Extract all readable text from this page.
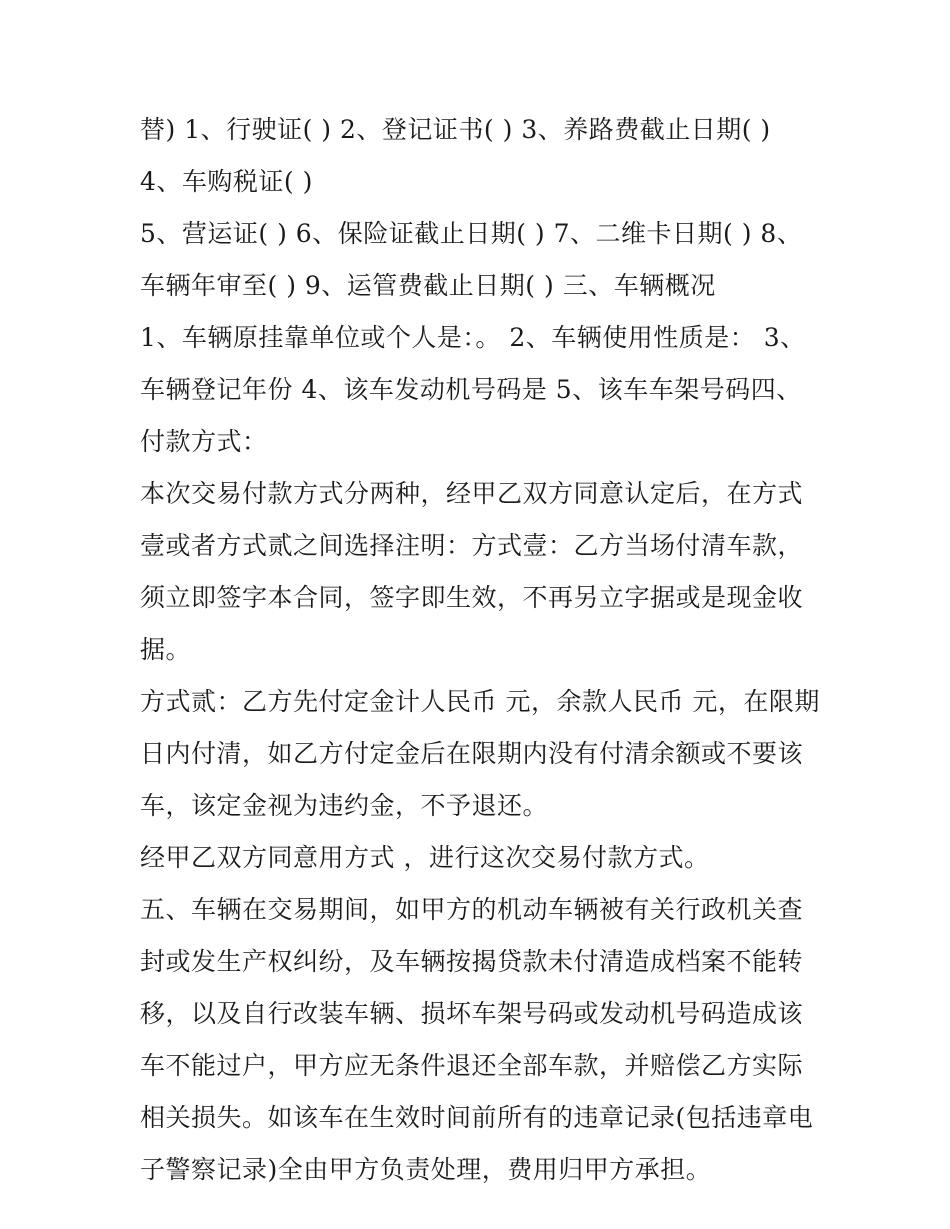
替) 1、行驶证( ) 2、登记证书( ) 3、养路费截止日期( ) 4、车购税证( )

5、营运证( ) 6、保险证截止日期( ) 7、二维卡日期( ) 8、车辆年审至( ) 9、运管费截止日期( ) 三、车辆概况

1、车辆原挂靠单位或个人是：。 2、车辆使用性质是： 3、车辆登记年份 4、该车发动机号码是 5、该车车架号码四、付款方式：

本次交易付款方式分两种，经甲乙双方同意认定后，在方式壹或者方式贰之间选择注明：方式壹：乙方当场付清车款，须立即签字本合同，签字即生效，不再另立字据或是现金收据。

方式贰：乙方先付定金计人民币 元，余款人民币 元，在限期日内付清，如乙方付定金后在限期内没有付清余额或不要该车，该定金视为违约金，不予退还。

经甲乙双方同意用方式 ，进行这次交易付款方式。

五、车辆在交易期间，如甲方的机动车辆被有关行政机关查封或发生产权纠纷，及车辆按揭贷款未付清造成档案不能转移，以及自行改装车辆、损坏车架号码或发动机号码造成该车不能过户，甲方应无条件退还全部车款，并赔偿乙方实际相关损失。如该车在生效时间前所有的违章记录(包括违章电子警察记录)全由甲方负责处理，费用归甲方承担。
